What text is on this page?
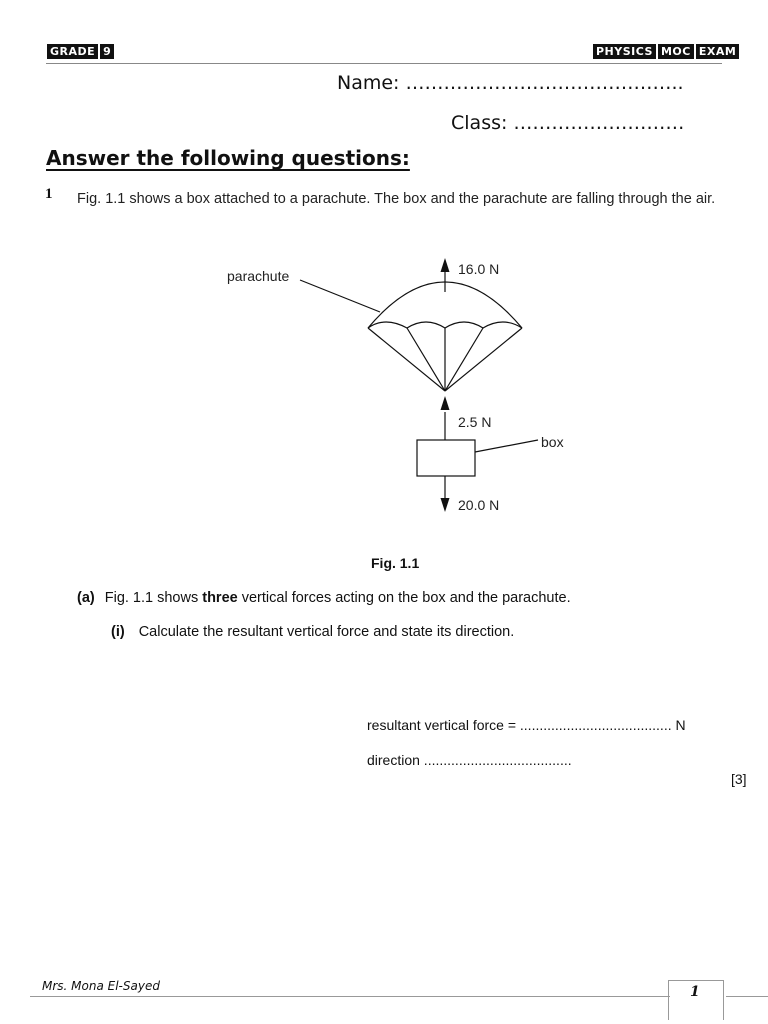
GRADE 9	PHYSICS MOC EXAM
Name: ……………………………………..
Class: ………………………
Answer the following questions:
1 Fig. 1.1 shows a box attached to a parachute. The box and the parachute are falling through the air.
parachute	16.0 N
2.5 N
box
20.0 N
Fig. 1.1
(a) Fig. 1.1 shows three vertical forces acting on the box and the parachute.
(i) Calculate the resultant vertical force and state its direction.
resultant vertical force = ....................................... N
direction ......................................
[3]
Mrs. Mona El-Sayed	1
